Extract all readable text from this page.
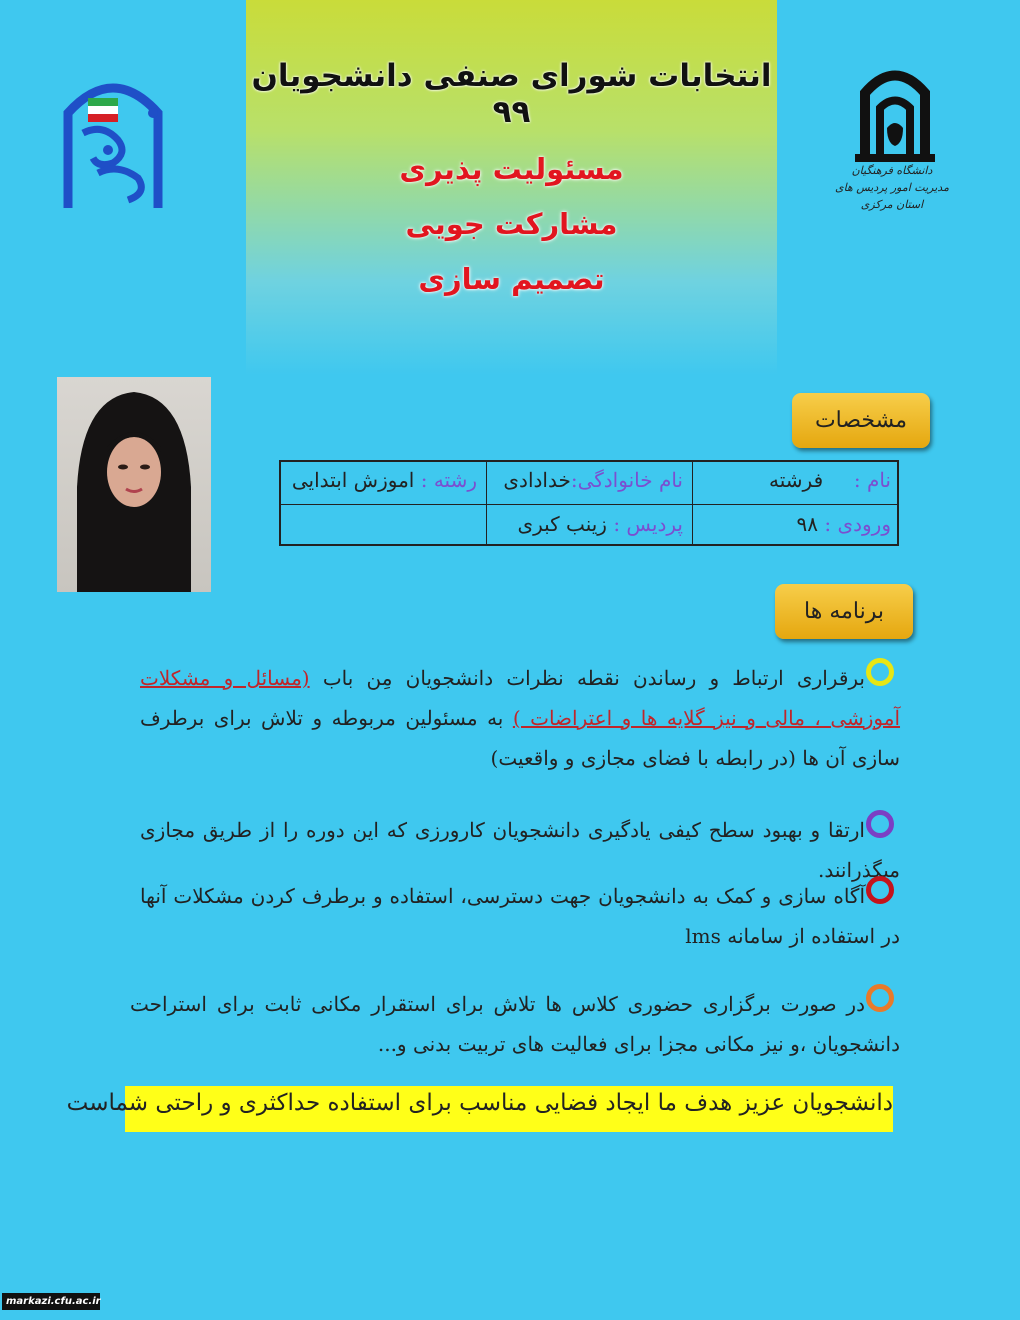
انتخابات شورای صنفی دانشجویان ۹۹
مسئولیت پذیری
مشارکت جویی
تصمیم سازی
دانشگاه فرهنگیان
مدیریت امور پردیس های استان مرکزی
مشخصات
نام :  فرشته
نام خانوادگی:خدادادی
رشته : اموزش ابتدایی
ورودی : ۹۸
پردیس : زینب کبری
برنامه ها
برقراری ارتباط و رساندن نقطه نظرات دانشجویان مِن باب (مسائل و مشکلات آموزشی ، مالی و نیز گلایه ها و اعتراضات ) به مسئولین مربوطه و تلاش برای برطرف سازی آن ها (در رابطه با فضای مجازی و واقعیت)
ارتقا و بهبود سطح کیفی یادگیری دانشجویان کارورزی که این دوره را از طریق مجازی میگذرانند.
آگاه سازی و کمک به دانشجویان جهت دسترسی، استفاده و برطرف کردن مشکلات آنها در استفاده از سامانه lms
در صورت برگزاری حضوری کلاس ها تلاش برای استقرار مکانی ثابت برای استراحت دانشجویان ،و نیز مکانی مجزا برای فعالیت های تربیت بدنی و...
دانشجویان عزیز هدف ما ایجاد فضایی مناسب برای استفاده حداکثری و راحتی شماست
markazi.cfu.ac.ir
